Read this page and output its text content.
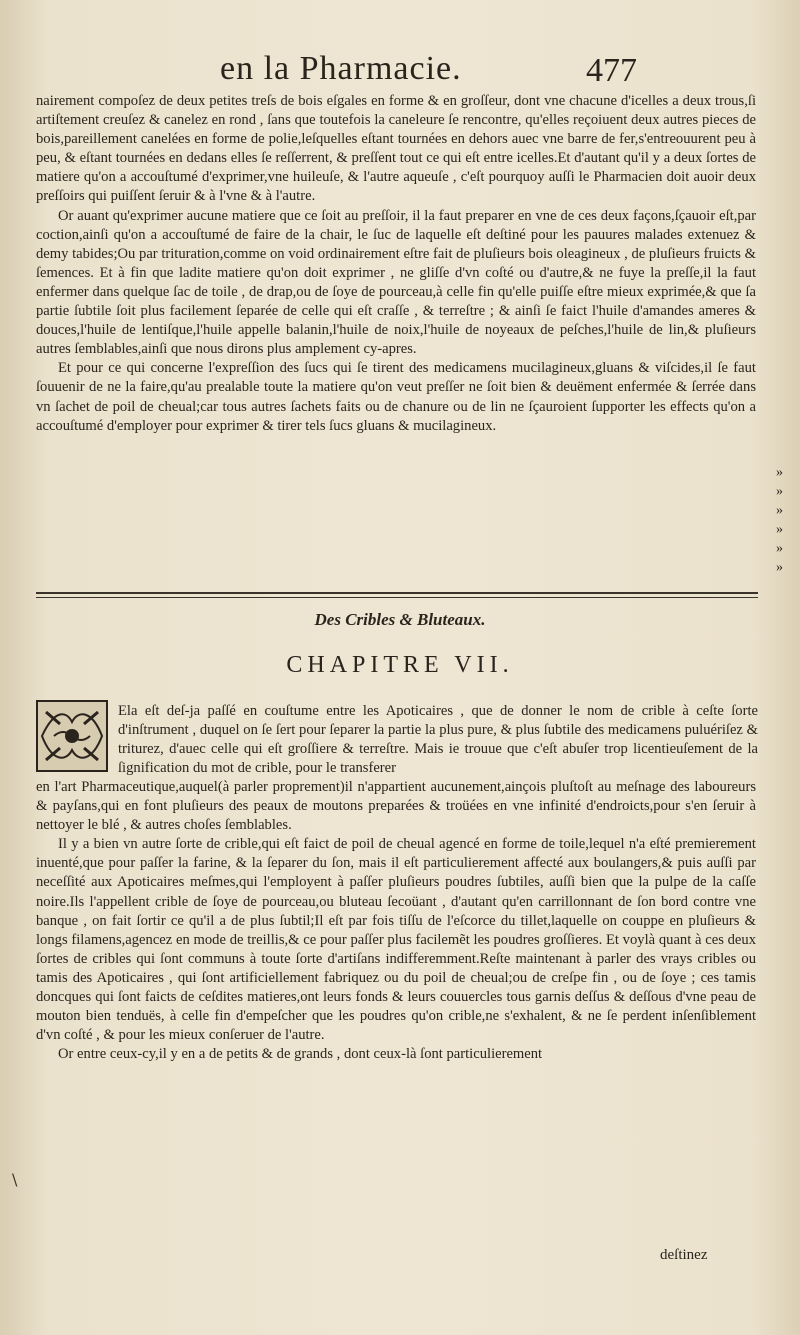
en la Pharmacie.	477

nairement compoſez de deux petites treſs de bois eſgales en forme & en groſſeur, dont vne chacune d'icelles a deux trous,ſi artiſtement creuſez & canelez en rond , ſans que toutefois la caneleure ſe rencontre, qu'elles reçoiuent deux autres pieces de bois,pareillement canelées en forme de polie,leſquelles eſtant tournées en dehors auec vne barre de fer,s'entreouurent peu à peu, & eſtant tournées en dedans elles ſe reſſerrent, & preſſent tout ce qui eſt entre icelles.Et d'autant qu'il y a deux ſortes de matiere qu'on a accouſtumé d'exprimer,vne huileuſe, & l'autre aqueuſe , c'eſt pourquoy auſſi le Pharmacien doit auoir deux preſſoirs qui puiſſent ſeruir & à l'vne & à l'autre.

Or auant qu'exprimer aucune matiere que ce ſoit au preſſoir, il la faut preparer en vne de ces deux façons,ſçauoir eſt,par coction,ainſi qu'on a accouſtumé de faire de la chair, le ſuc de laquelle eſt deſtiné pour les pauures malades extenuez & demy tabides;Ou par trituration,comme on void ordinairement eſtre fait de pluſieurs bois oleagineux , de pluſieurs fruicts & ſemences. Et à fin que ladite matiere qu'on doit exprimer , ne gliſſe d'vn coſté ou d'autre,& ne fuye la preſſe,il la faut enfermer dans quelque ſac de toile , de drap,ou de ſoye de pourceau,à celle fin qu'elle puiſſe eſtre mieux exprimée,& que ſa partie ſubtile ſoit plus facilement ſeparée de celle qui eſt craſſe , & terreſtre ; & ainſi ſe faict l'huile d'amandes ameres & douces,l'huile de lentiſque,l'huile appelle balanin,l'huile de noix,l'huile de noyeaux de peſches,l'huile de lin,& pluſieurs autres ſemblables,ainſi que nous dirons plus amplement cy-apres.

Et pour ce qui concerne l'expreſſion des ſucs qui ſe tirent des medicamens mucilagineux,gluans & viſcides,il ſe faut ſouuenir de ne la faire,qu'au prealable toute la matiere qu'on veut preſſer ne ſoit bien & deuëment enfermée & ſerrée dans vn ſachet de poil de cheual;car tous autres ſachets faits ou de chanure ou de lin ne ſçauroient ſupporter les effects qu'on a accouſtumé d'employer pour exprimer & tirer tels ſucs gluans & mucilagineux.

»
»
»
»
»
»
Des Cribles & Bluteaux.
CHAPITRE VII.
Ela eſt deſ-ja paſſé en couſtume entre les Apoticaires , que de donner le nom de crible à ceſte ſorte d'inſtrument , duquel on ſe ſert pour ſeparer la partie la plus pure, & plus ſubtile des medicamens puluériſez & triturez, d'auec celle qui eſt groſſiere & terreſtre. Mais ie trouue que c'eſt abuſer trop licentieuſement de la ſignification du mot de crible, pour le transferer

en l'art Pharmaceutique,auquel(à parler proprement)il n'appartient aucunement,ainçois pluſtoſt au meſnage des laboureurs & payſans,qui en font pluſieurs des peaux de moutons preparées & troüées en vne infinité d'endroicts,pour s'en ſeruir à nettoyer le blé , & autres choſes ſemblables.

Il y a bien vn autre ſorte de crible,qui eſt faict de poil de cheual agencé en forme de toile,lequel n'a eſté premierement inuenté,que pour paſſer la farine, & la ſeparer du ſon, mais il eſt particulierement affecté aux boulangers,& puis auſſi par neceſſité aux Apoticaires meſmes,qui l'employent à paſſer pluſieurs poudres ſubtiles, auſſi bien que la pulpe de la caſſe noire.Ils l'appellent crible de ſoye de pourceau,ou bluteau ſecoüant , d'autant qu'en carrillonnant de ſon bord contre vne banque , on fait ſortir ce qu'il a de plus ſubtil;Il eſt par fois tiſſu de l'eſcorce du tillet,laquelle on couppe en pluſieurs & longs filamens,agencez en mode de treillis,& ce pour paſſer plus facilemẽt les poudres groſſieres. Et voylà quant à ces deux ſortes de cribles qui ſont communs à toute ſorte d'artiſans indifferemment.Reſte maintenant à parler des vrays cribles ou tamis des Apoticaires , qui ſont artificiellement fabriquez ou du poil de cheual;ou de creſpe fin , ou de ſoye ; ces tamis doncques qui ſont faicts de ceſdites matieres,ont leurs fonds & leurs couuercles tous garnis deſſus & deſſous d'vne peau de mouton bien tenduës, à celle fin d'empeſcher que les poudres qu'on crible,ne s'exhalent, & ne ſe perdent inſenſiblement d'vn coſté , & pour les mieux conſeruer de l'autre.

Or entre ceux-cy,il y en a de petits & de grands , dont ceux-là ſont particulierement

deſtinez
\
